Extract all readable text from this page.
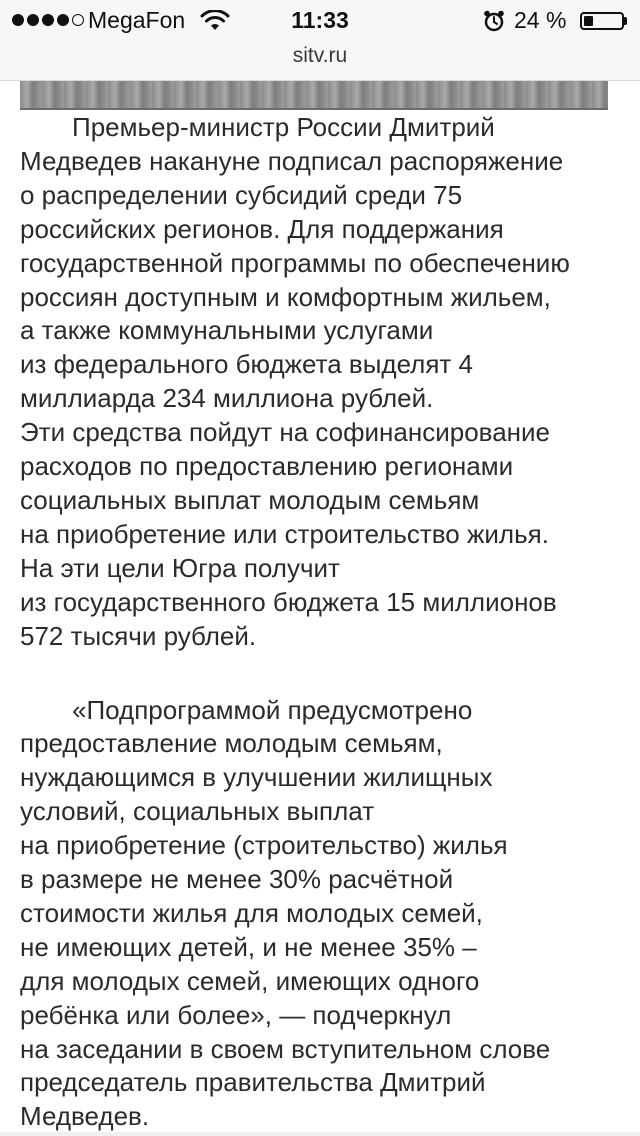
MegaFon	11:33	24 %
sitv.ru

Премьер-министр России Дмитрий
Медведев накануне подписал распоряжение
о распределении субсидий среди 75
российских регионов. Для поддержания
государственной программы по обеспечению
россиян доступным и комфортным жильем,
а также коммунальными услугами
из федерального бюджета выделят 4
миллиарда 234 миллиона рублей.
Эти средства пойдут на софинансирование
расходов по предоставлению регионами
социальных выплат молодым семьям
на приобретение или строительство жилья.
На эти цели Югра получит
из государственного бюджета 15 миллионов
572 тысячи рублей.

«Подпрограммой предусмотрено
предоставление молодым семьям,
нуждающимся в улучшении жилищных
условий, социальных выплат
на приобретение (строительство) жилья
в размере не менее 30% расчётной
стоимости жилья для молодых семей,
не имеющих детей, и не менее 35% –
для молодых семей, имеющих одного
ребёнка или более», — подчеркнул
на заседании в своем вступительном слове
председатель правительства Дмитрий
Медведев.
